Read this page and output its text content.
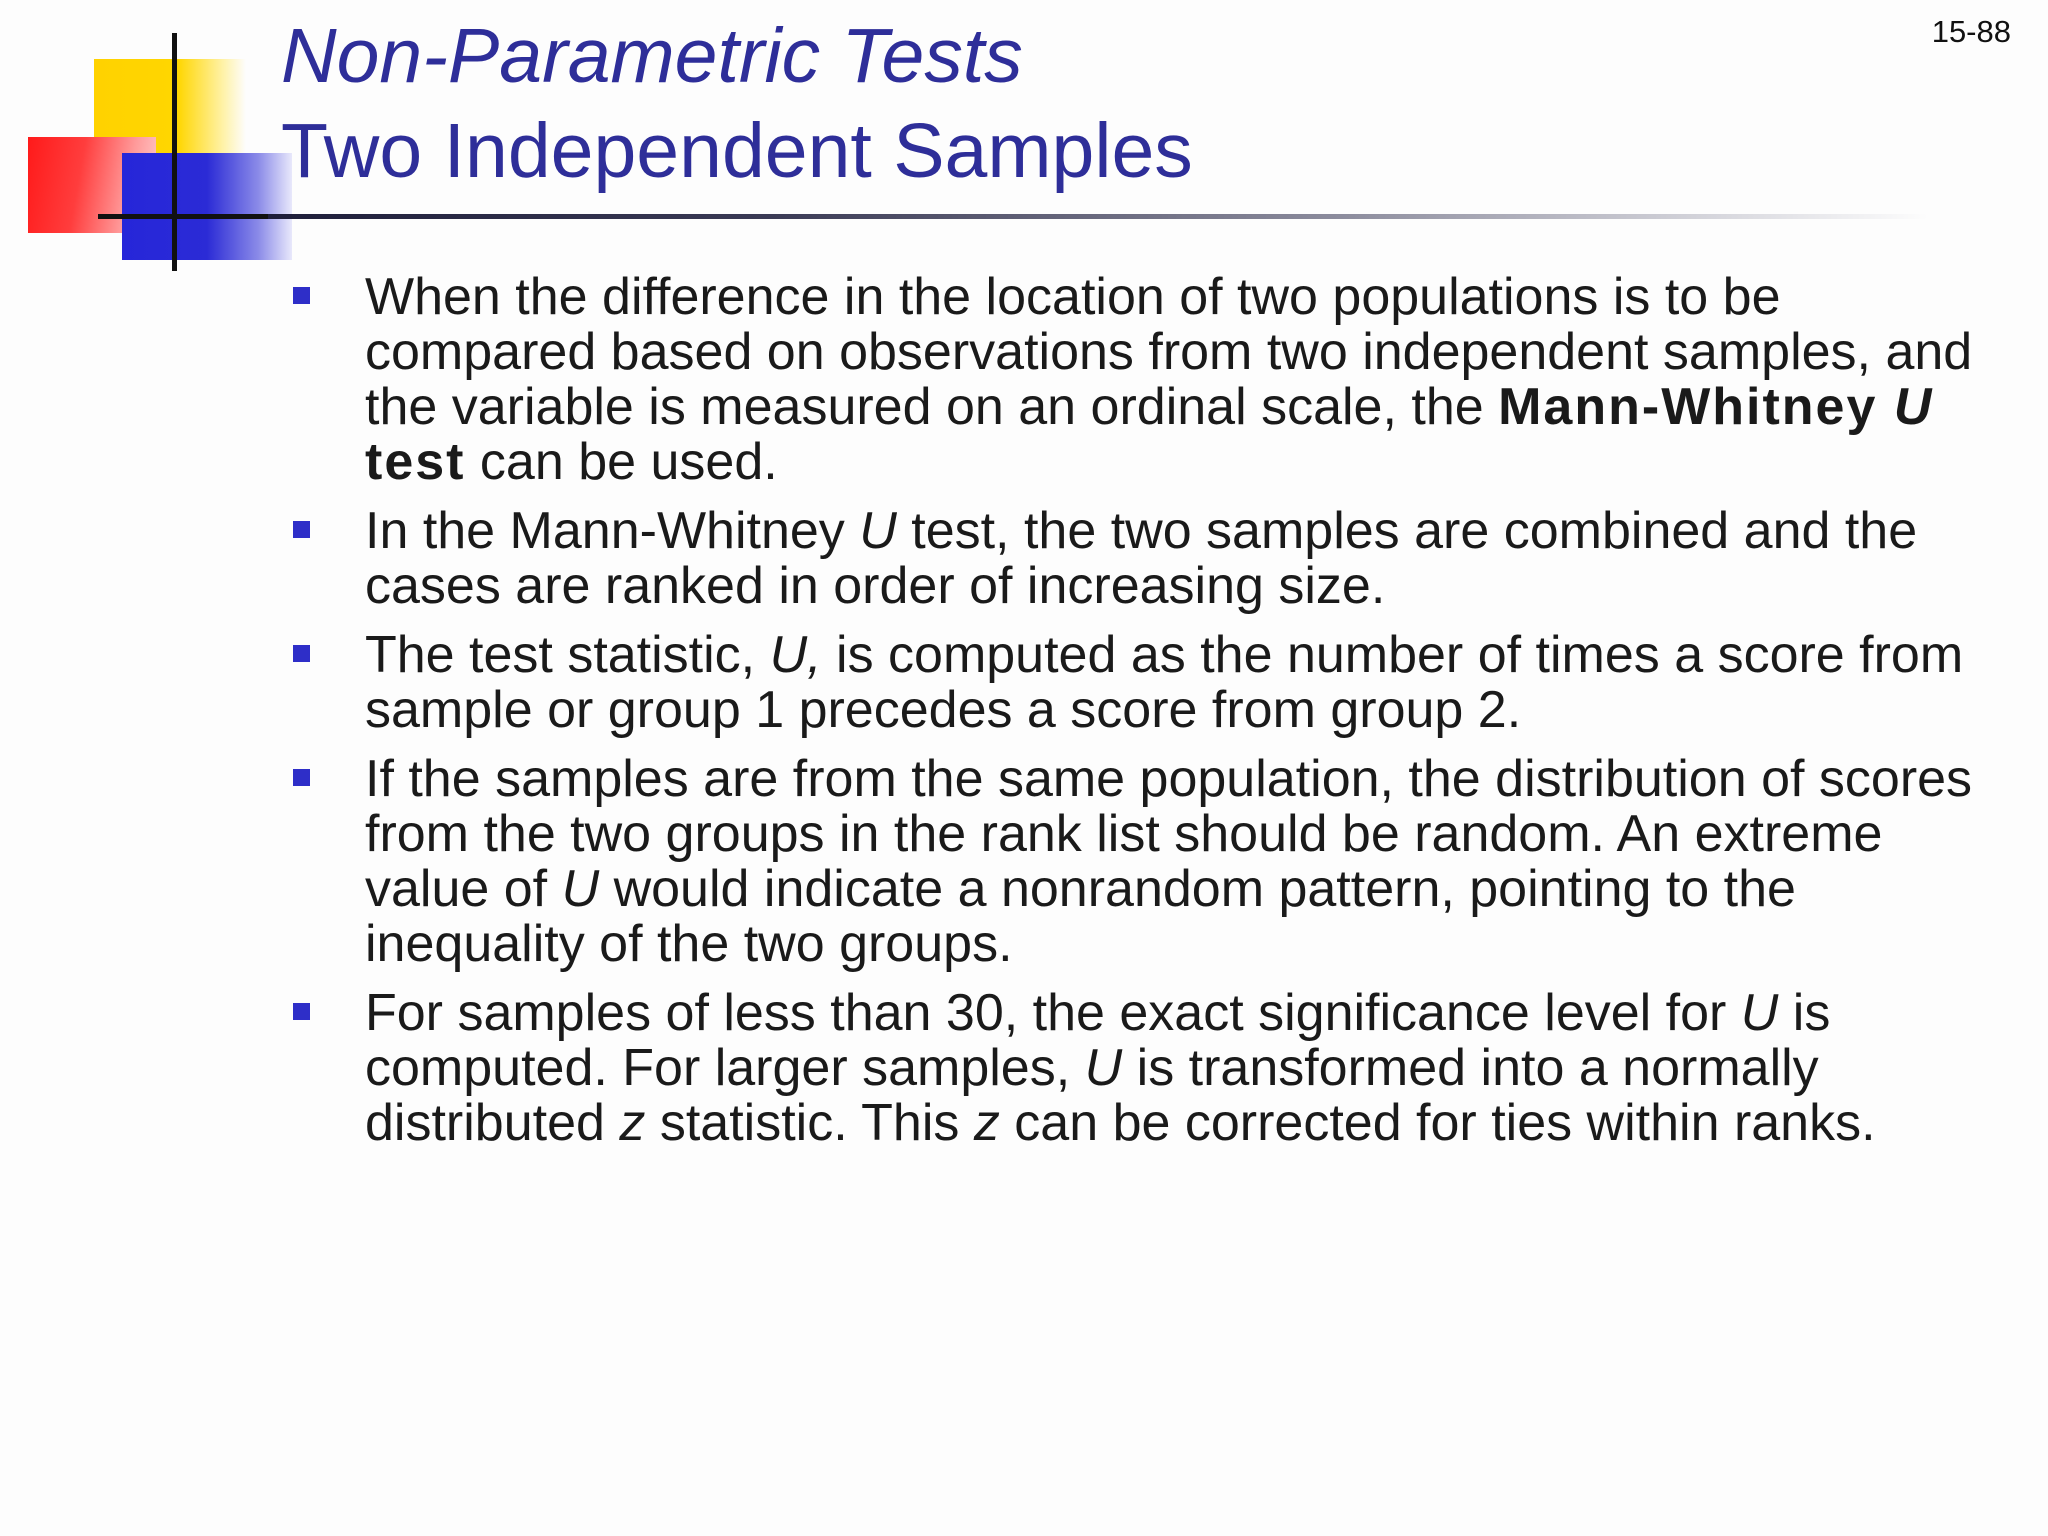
15-88
Non-Parametric Tests
Two Independent Samples
When the difference in the location of two populations is to be compared based on observations from two independent samples, and the variable is measured on an ordinal scale, the Mann-Whitney U test can be used.
In the Mann-Whitney U test, the two samples are combined and the cases are ranked in order of increasing size.
The test statistic, U, is computed as the number of times a score from sample or group 1 precedes a score from group 2.
If the samples are from the same population, the distribution of scores from the two groups in the rank list should be random. An extreme value of U would indicate a nonrandom pattern, pointing to the inequality of the two groups.
For samples of less than 30, the exact significance level for U is computed. For larger samples, U is transformed into a normally distributed z statistic. This z can be corrected for ties within ranks.
